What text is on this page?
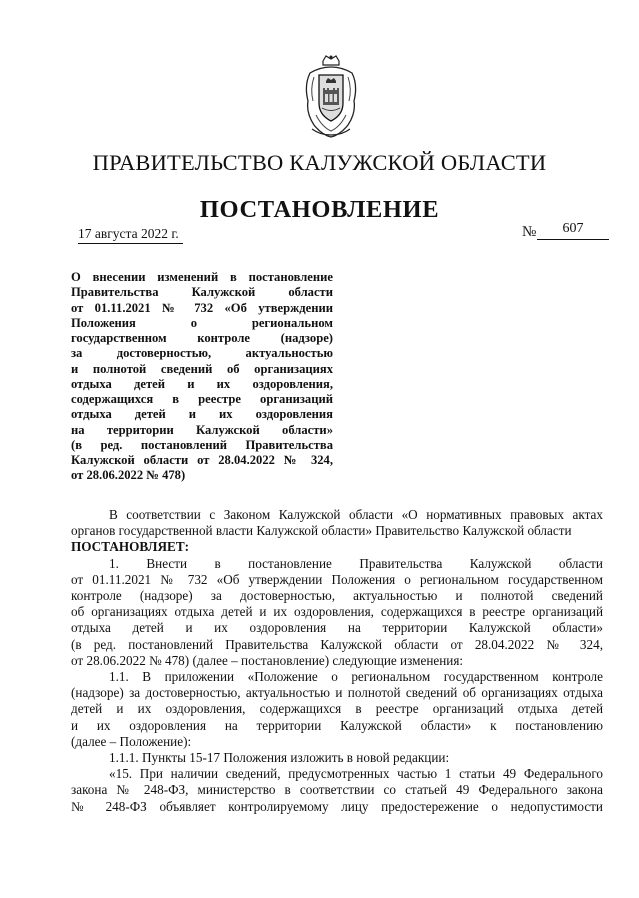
ПРАВИТЕЛЬСТВО КАЛУЖСКОЙ ОБЛАСТИ
ПОСТАНОВЛЕНИЕ
17 августа 2022 г.	№	607
О внесении изменений в постановление
Правительства Калужской области
от 01.11.2021 № 732 «Об утверждении
Положения о региональном
государственном контроле (надзоре)
за достоверностью, актуальностью
и полнотой сведений об организациях
отдыха детей и их оздоровления,
содержащихся в реестре организаций
отдыха детей и их оздоровления
на территории Калужской области»
(в ред. постановлений Правительства
Калужской области от 28.04.2022 № 324,
от 28.06.2022 № 478)
В соответствии с Законом Калужской области «О нормативных правовых актах
органов государственной власти Калужской области» Правительство Калужской области
ПОСТАНОВЛЯЕТ:
1. Внести в постановление Правительства Калужской области
от 01.11.2021 № 732 «Об утверждении Положения о региональном государственном
контроле (надзоре) за достоверностью, актуальностью и полнотой сведений
об организациях отдыха детей и их оздоровления, содержащихся в реестре организаций
отдыха детей и их оздоровления на территории Калужской области»
(в ред. постановлений Правительства Калужской области от 28.04.2022 № 324,
от 28.06.2022 № 478) (далее – постановление) следующие изменения:
1.1. В приложении «Положение о региональном государственном контроле
(надзоре) за достоверностью, актуальностью и полнотой сведений об организациях отдыха
детей и их оздоровления, содержащихся в реестре организаций отдыха детей
и их оздоровления на территории Калужской области» к постановлению
(далее – Положение):
1.1.1. Пункты 15-17 Положения изложить в новой редакции:
«15. При наличии сведений, предусмотренных частью 1 статьи 49 Федерального
закона № 248-ФЗ, министерство в соответствии со статьей 49 Федерального закона
№ 248-ФЗ объявляет контролируемому лицу предостережение о недопустимости
